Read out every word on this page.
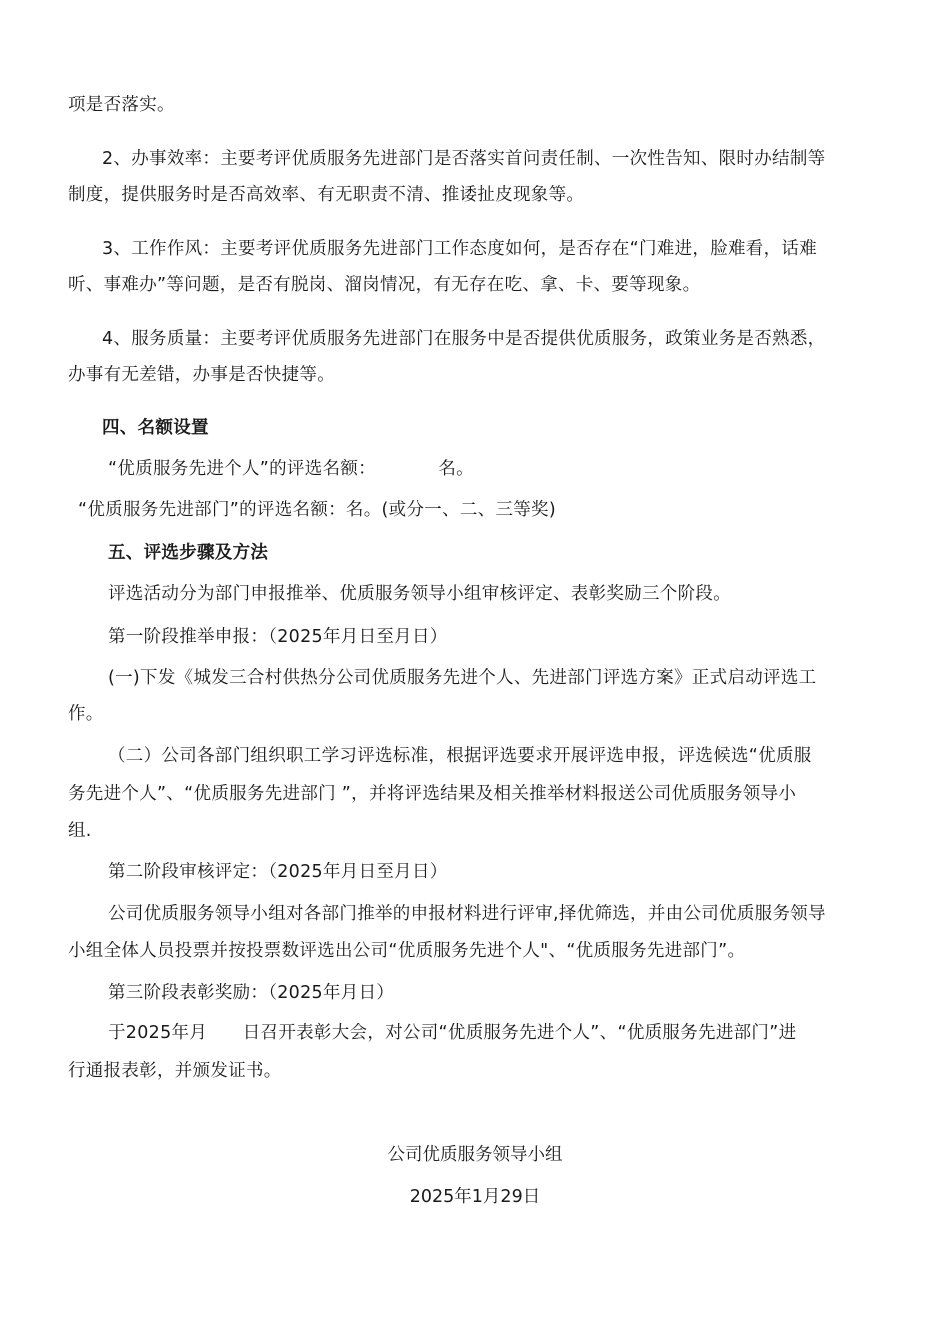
项是否落实。
2、办事效率：主要考评优质服务先进部门是否落实首问责任制、一次性告知、限时办结制等
制度，提供服务时是否高效率、有无职责不清、推诿扯皮现象等。
3、工作作风：主要考评优质服务先进部门工作态度如何，是否存在“门难进，脸难看，话难
听、事难办”等问题，是否有脱岗、溜岗情况，有无存在吃、拿、卡、要等现象。
4、服务质量：主要考评优质服务先进部门在服务中是否提供优质服务，政策业务是否熟悉，
办事有无差错，办事是否快捷等。
四、名额设置
“优质服务先进个人”的评选名额：　　　　名。
“优质服务先进部门”的评选名额：名。(或分一、二、三等奖)
五、评选步骤及方法
评选活动分为部门申报推举、优质服务领导小组审核评定、表彰奖励三个阶段。
第一阶段推举申报：（2025年月日至月日）
(一)下发《城发三合村供热分公司优质服务先进个人、先进部门评选方案》正式启动评选工
作。
（二）公司各部门组织职工学习评选标准，根据评选要求开展评选申报，评选候选“优质服
务先进个人”、“优质服务先进部门 ”，并将评选结果及相关推举材料报送公司优质服务领导小
组.
第二阶段审核评定：（2025年月日至月日）
公司优质服务领导小组对各部门推举的申报材料进行评审,择优筛选，并由公司优质服务领导
小组全体人员投票并按投票数评选出公司“优质服务先进个人"、“优质服务先进部门”。
第三阶段表彰奖励：（2025年月日）
于2025年月　　日召开表彰大会，对公司“优质服务先进个人”、“优质服务先进部门”进
行通报表彰，并颁发证书。
公司优质服务领导小组
2025年1月29日
